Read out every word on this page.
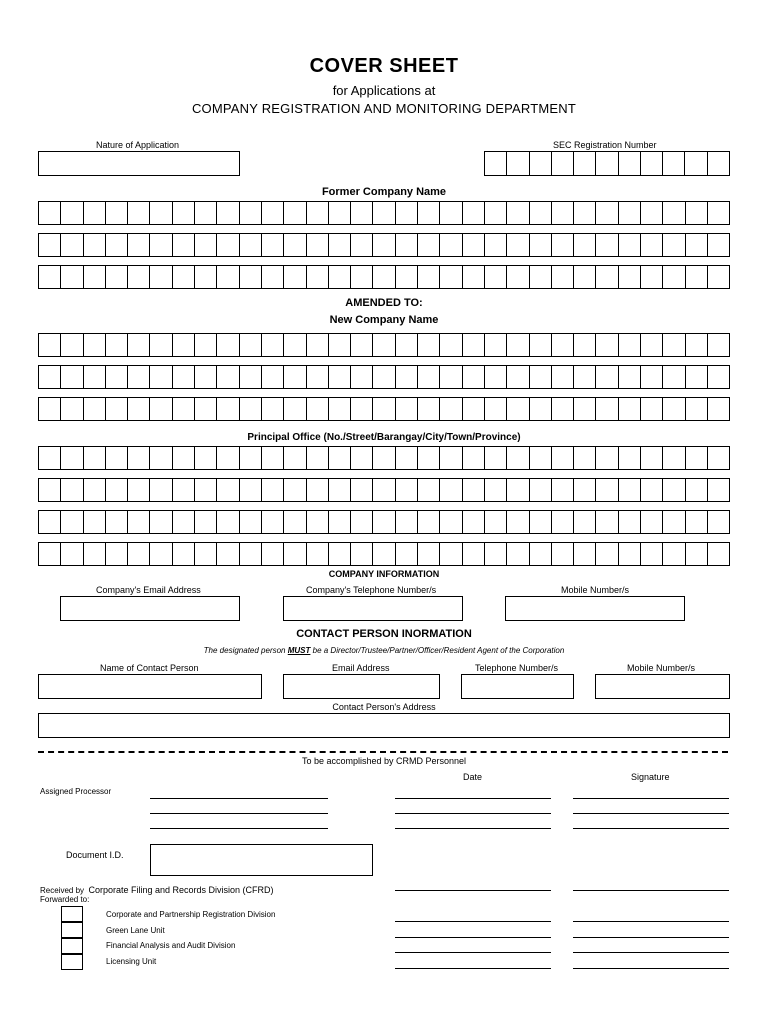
COVER SHEET
for Applications at
COMPANY REGISTRATION AND MONITORING DEPARTMENT
Nature of Application	SEC Registration Number
Former Company Name
AMENDED TO:
New Company Name
Principal Office (No./Street/Barangay/City/Town/Province)
COMPANY INFORMATION
Company's Email Address	Company's Telephone Number/s	Mobile Number/s
CONTACT PERSON INORMATION
The designated person MUST be a Director/Trustee/Partner/Officer/Resident Agent of the Corporation
Name of Contact Person	Email Address	Telephone Number/s	Mobile Number/s
Contact Person's Address
To be accomplished by CRMD Personnel
Date	Signature
Assigned Processor
Document I.D.
Received by Corporate Filing and Records Division (CFRD)
Forwarded to:
Corporate and Partnership Registration Division
Green Lane Unit
Financial Analysis and Audit Division
Licensing Unit
